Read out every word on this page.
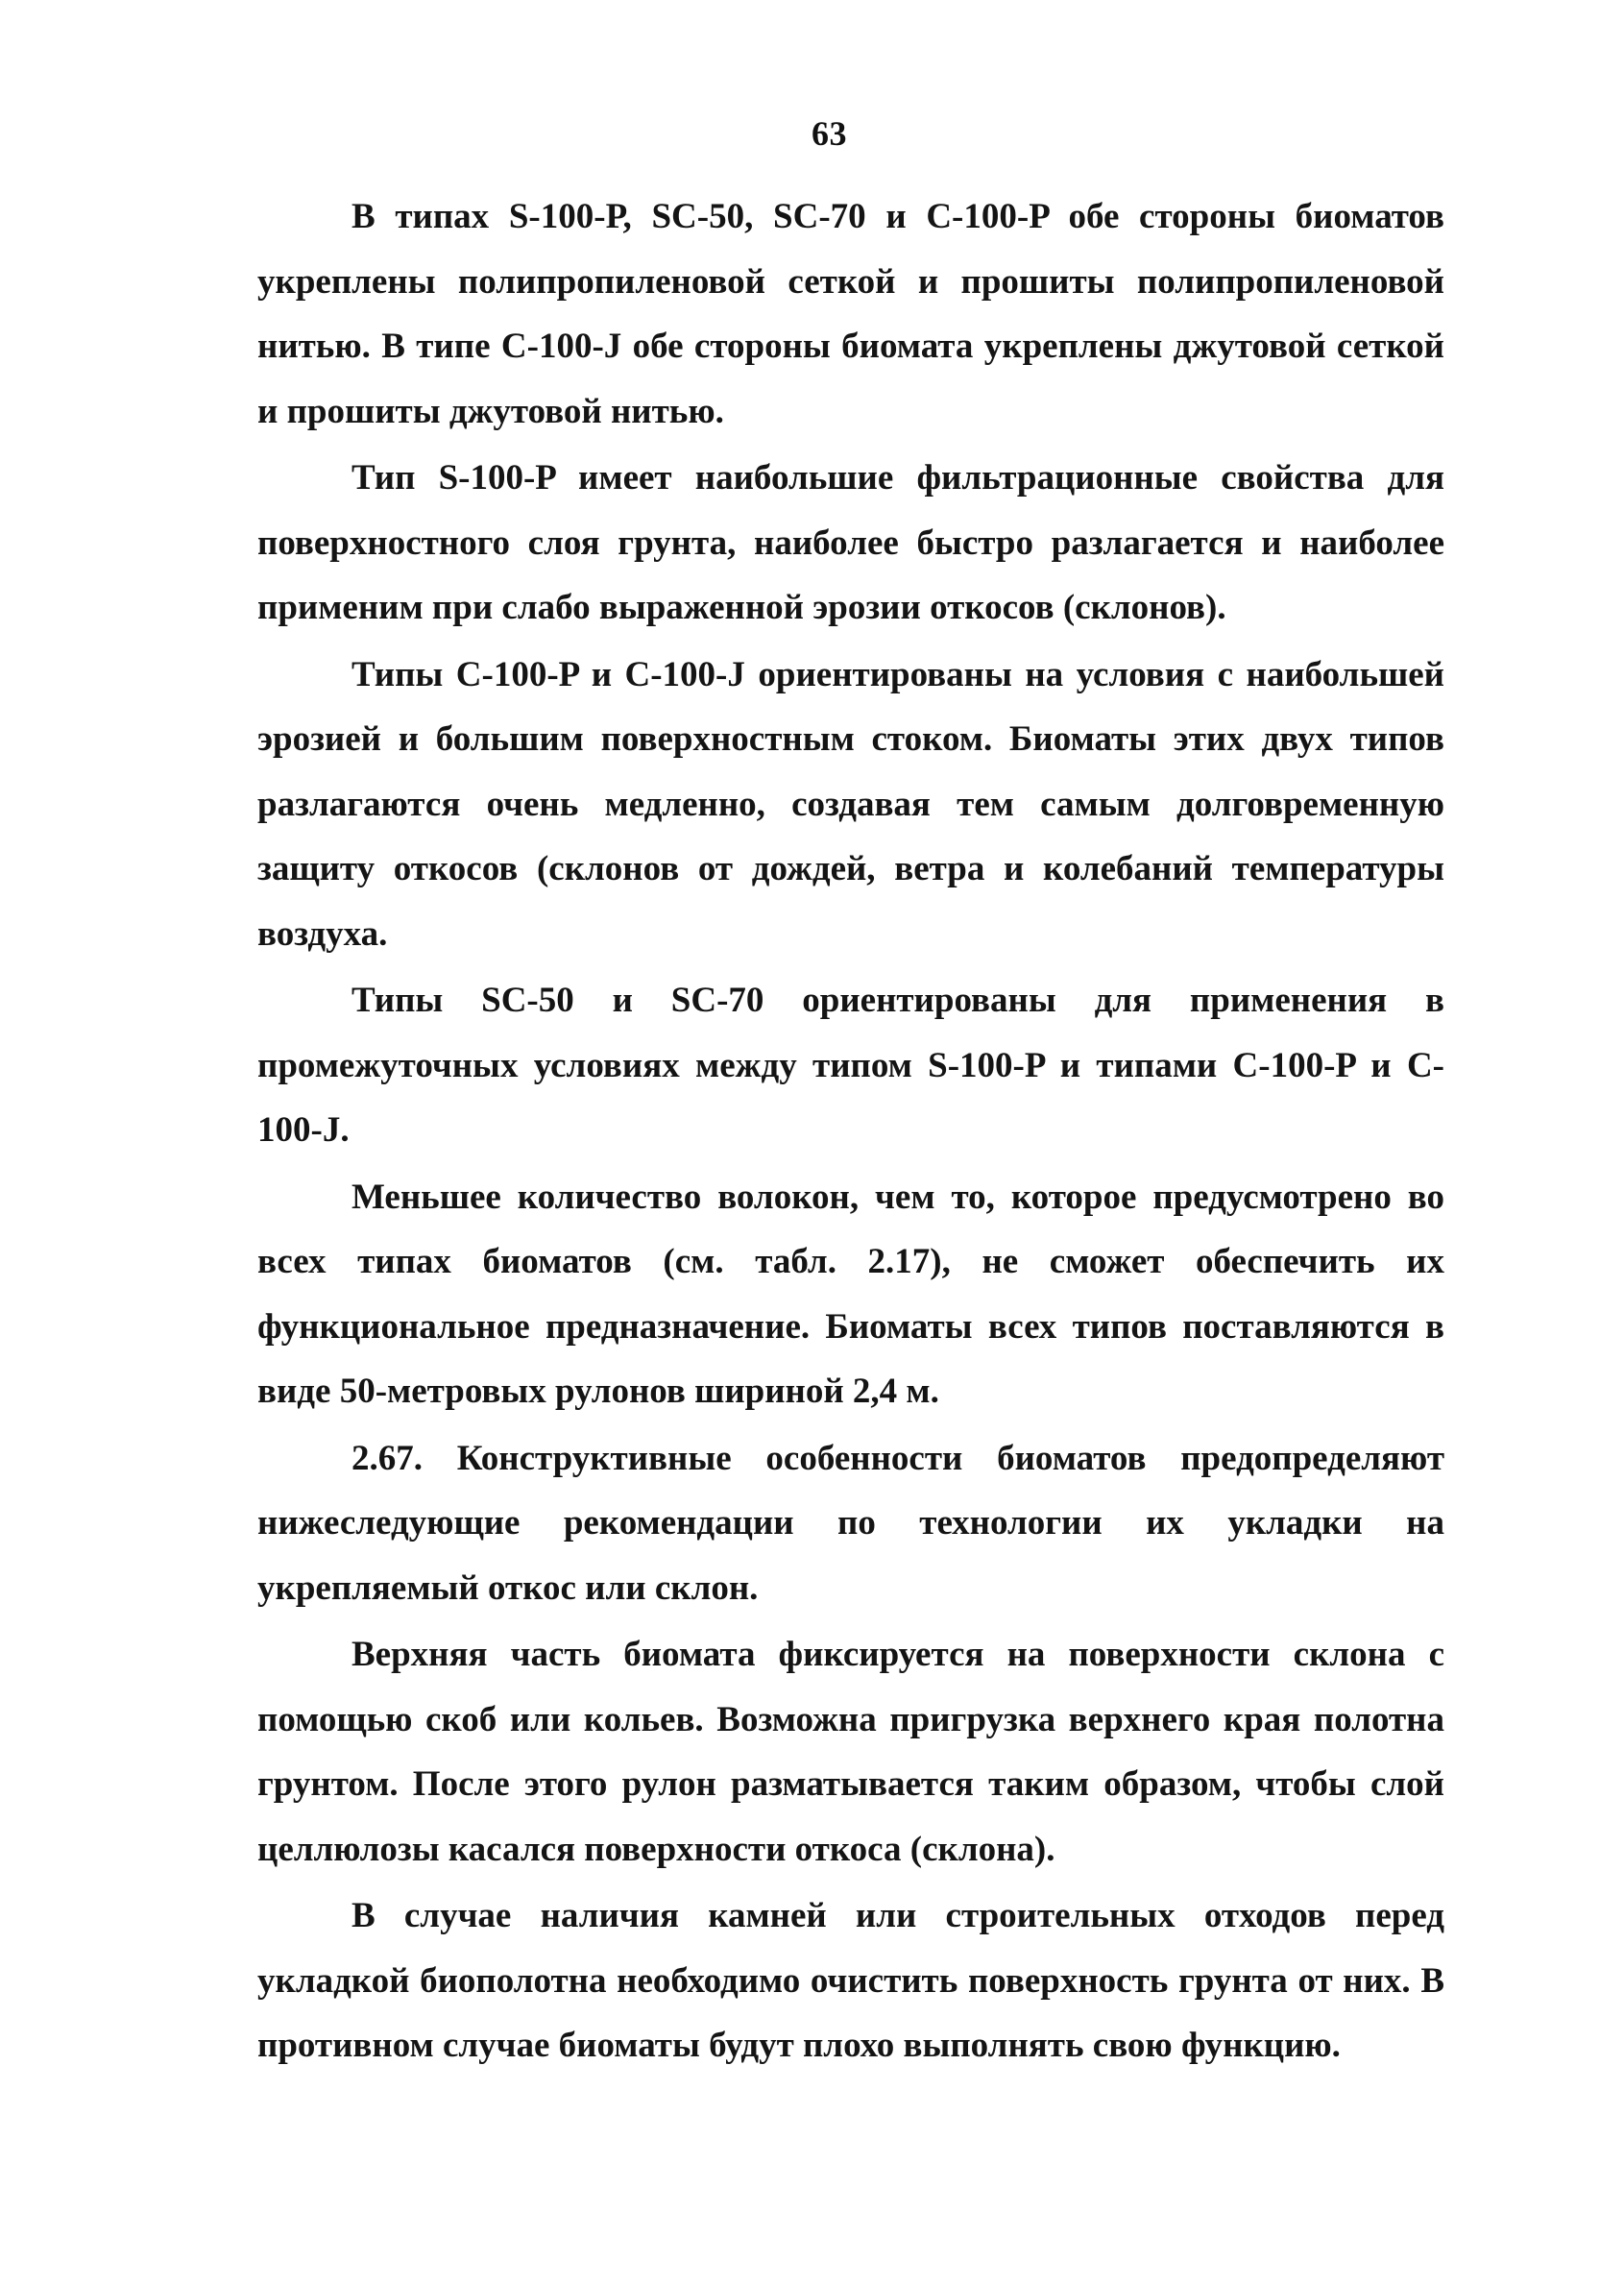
63

В типах S-100-Р, SC-50, SC-70 и C-100-P обе стороны биоматов укреплены полипропиленовой сеткой и прошиты полипропиленовой нитью. В типе C-100-J обе стороны биомата укреплены джутовой сеткой и прошиты джутовой нитью.

Тип S-100-P имеет наибольшие фильтрационные свойства для поверхностного слоя грунта, наиболее быстро разлагается и наиболее применим при слабо выраженной эрозии откосов (склонов).

Типы C-100-P и C-100-J ориентированы на условия с наибольшей эрозией и большим поверхностным стоком. Биоматы этих двух типов разлагаются очень медленно, создавая тем самым долговременную защиту откосов (склонов от дождей, ветра и колебаний температуры воздуха.

Типы SC-50 и SC-70 ориентированы для применения в промежуточных условиях между типом S-100-P и типами C-100-P и C-100-J.

Меньшее количество волокон, чем то, которое предусмотрено во всех типах биоматов (см. табл. 2.17), не сможет обеспечить их функциональное предназначение. Биоматы всех типов поставляются в виде 50-метровых рулонов шириной 2,4 м.

2.67. Конструктивные особенности биоматов предопределяют нижеследующие рекомендации по технологии их укладки на укрепляемый откос или склон.

Верхняя часть биомата фиксируется на поверхности склона с помощью скоб или кольев. Возможна пригрузка верхнего края полотна грунтом. После этого рулон разматывается таким образом, чтобы слой целлюлозы касался поверхности откоса (склона).

В случае наличия камней или строительных отходов перед укладкой биополотна необходимо очистить поверхность грунта от них. В противном случае биоматы будут плохо выполнять свою функцию.
